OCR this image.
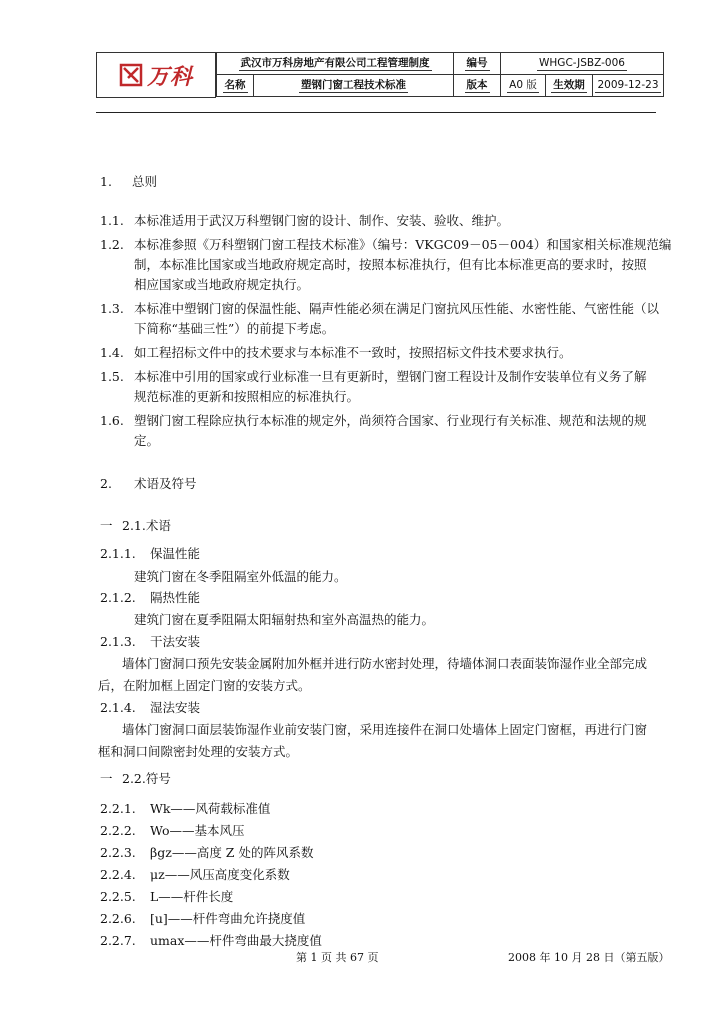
万科
武汉市万科房地产有限公司工程管理制度	编号	WHGC-JSBZ-006		

名称 塑钢门窗工程技术标准	版本	A0 版	生效期	2009-12-23
1. 总则
1.1. 本标准适用于武汉万科塑钢门窗的设计、制作、安装、验收、维护。
1.2. 本标准参照《万科塑钢门窗工程技术标准》（编号：VKGC09－05－004）和国家相关标准规范编
制，本标准比国家或当地政府规定高时，按照本标准执行，但有比本标准更高的要求时，按照
相应国家或当地政府规定执行。
1.3. 本标准中塑钢门窗的保温性能、隔声性能必须在满足门窗抗风压性能、水密性能、气密性能（以
下简称“基础三性”）的前提下考虑。
1.4. 如工程招标文件中的技术要求与本标准不一致时，按照招标文件技术要求执行。
1.5. 本标准中引用的国家或行业标准一旦有更新时，塑钢门窗工程设计及制作安装单位有义务了解
规范标准的更新和按照相应的标准执行。
1.6. 塑钢门窗工程除应执行本标准的规定外，尚须符合国家、行业现行有关标准、规范和法规的规
定。
2. 术语及符号
一 2.1.术语
2.1.1. 保温性能
建筑门窗在冬季阻隔室外低温的能力。
2.1.2. 隔热性能
建筑门窗在夏季阻隔太阳辐射热和室外高温热的能力。
2.1.3. 干法安装
墙体门窗洞口预先安装金属附加外框并进行防水密封处理，待墙体洞口表面装饰湿作业全部完成
后，在附加框上固定门窗的安装方式。
2.1.4. 湿法安装
墙体门窗洞口面层装饰湿作业前安装门窗，采用连接件在洞口处墙体上固定门窗框，再进行门窗
框和洞口间隙密封处理的安装方式。
一 2.2.符号
2.2.1. Wk——风荷载标准值
2.2.2. Wo——基本风压
2.2.3. βgz——高度 Z 处的阵风系数
2.2.4. μz——风压高度变化系数
2.2.5. L——杆件长度
2.2.6. [u]——杆件弯曲允许挠度值
2.2.7. umax——杆件弯曲最大挠度值
第 1 页 共 67 页	2008 年 10 月 28 日（第五版）
